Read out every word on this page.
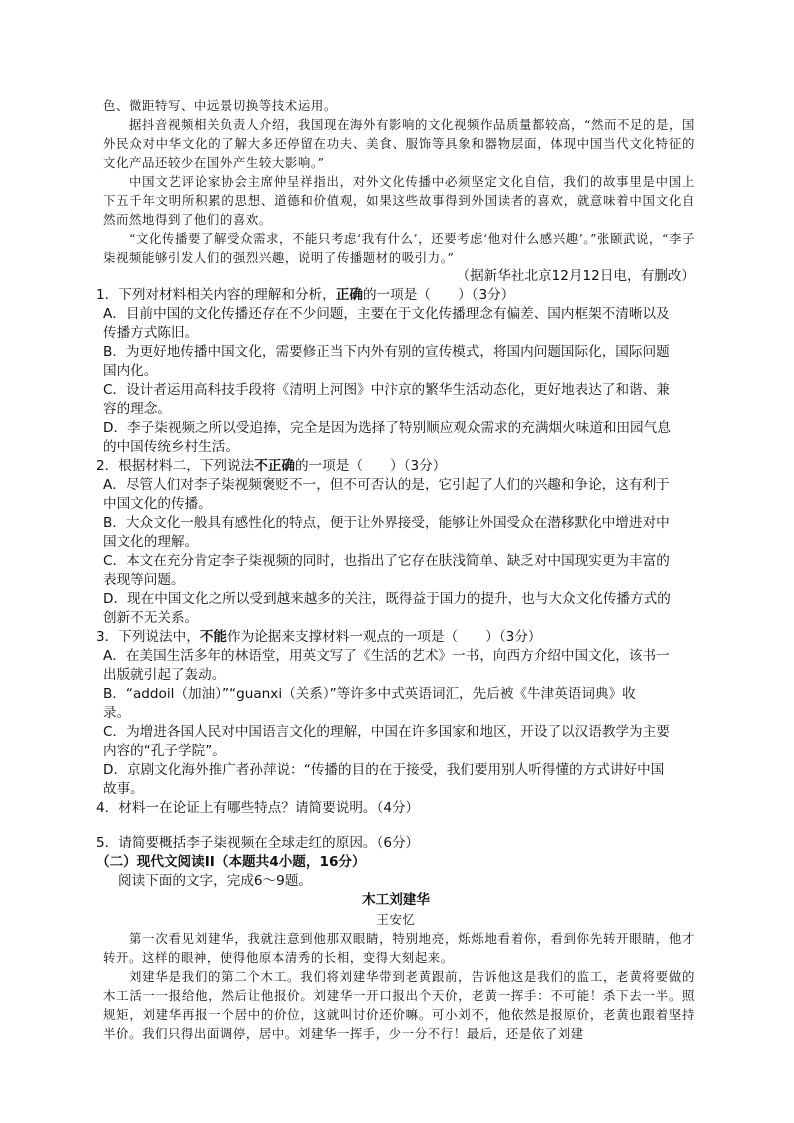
色、微距特写、中远景切换等技术运用。

据抖音视频相关负责人介绍，我国现在海外有影响的文化视频作品质量都较高，“然而不足的是，国外民众对中华文化的了解大多还停留在功夫、美食、服饰等具象和器物层面，体现中国当代文化特征的文化产品还较少在国外产生较大影响。”

中国文艺评论家协会主席仲呈祥指出，对外文化传播中必须坚定文化自信，我们的故事里是中国上下五千年文明所积累的思想、道德和价值观，如果这些故事得到外国读者的喜欢，就意味着中国文化自然而然地得到了他们的喜欢。

“文化传播要了解受众需求，不能只考虑‘我有什么’，还要考虑‘他对什么感兴趣’。”张颐武说，“李子柒视频能够引发人们的强烈兴趣，说明了传播题材的吸引力。”

（据新华社北京12月12日电，有删改）

1．下列对材料相关内容的理解和分析，正确的一项是（　　）（3分）

A．目前中国的文化传播还存在不少问题，主要在于文化传播理念有偏差、国内框架不清晰以及
传播方式陈旧。

B．为更好地传播中国文化，需要修正当下内外有别的宣传模式，将国内问题国际化，国际问题
国内化。

C．设计者运用高科技手段将《清明上河图》中汴京的繁华生活动态化，更好地表达了和谐、兼
容的理念。

D．李子柒视频之所以受追捧，完全是因为选择了特别顺应观众需求的充满烟火味道和田园气息
的中国传统乡村生活。

2．根据材料二，下列说法不正确的一项是（　　）（3分）

A．尽管人们对李子柒视频褒贬不一，但不可否认的是，它引起了人们的兴趣和争论，这有利于
中国文化的传播。

B．大众文化一般具有感性化的特点，便于让外界接受，能够让外国受众在潜移默化中增进对中
国文化的理解。

C．本文在充分肯定李子柒视频的同时，也指出了它存在肤浅简单、缺乏对中国现实更为丰富的
表现等问题。

D．现在中国文化之所以受到越来越多的关注，既得益于国力的提升，也与大众文化传播方式的
创新不无关系。

3．下列说法中，不能作为论据来支撑材料一观点的一项是（　　）（3分）

A．在美国生活多年的林语堂，用英文写了《生活的艺术》一书，向西方介绍中国文化，该书一
出版就引起了轰动。

B．“addoil（加油）”“guanxi（关系）”等许多中式英语词汇，先后被《牛津英语词典》收
录。

C．为增进各国人民对中国语言文化的理解，中国在许多国家和地区，开设了以汉语教学为主要
内容的“孔子学院”。

D．京剧文化海外推广者孙萍说：“传播的目的在于接受，我们要用别人听得懂的方式讲好中国
故事。

4．材料一在论证上有哪些特点？请简要说明。（4分）

5．请简要概括李子柒视频在全球走红的原因。（6分）

（二）现代文阅读II（本题共4小题，16分）

阅读下面的文字，完成6～9题。

木工刘建华

王安忆

第一次看见刘建华，我就注意到他那双眼睛，特别地亮，烁烁地看着你，看到你先转开眼睛，他才转开。这样的眼神，使得他原本清秀的长相，变得大刻起来。

刘建华是我们的第二个木工。我们将刘建华带到老黄跟前，告诉他这是我们的监工，老黄将要做的木工活一一报给他，然后让他报价。刘建华一开口报出个天价，老黄一挥手：不可能！杀下去一半。照规矩，刘建华再报一个居中的价位，这就叫讨价还价嘛。可小刘不，他依然是报原价，老黄也跟着坚持半价。我们只得出面调停，居中。刘建华一挥手，少一分不行！最后，还是依了刘建
